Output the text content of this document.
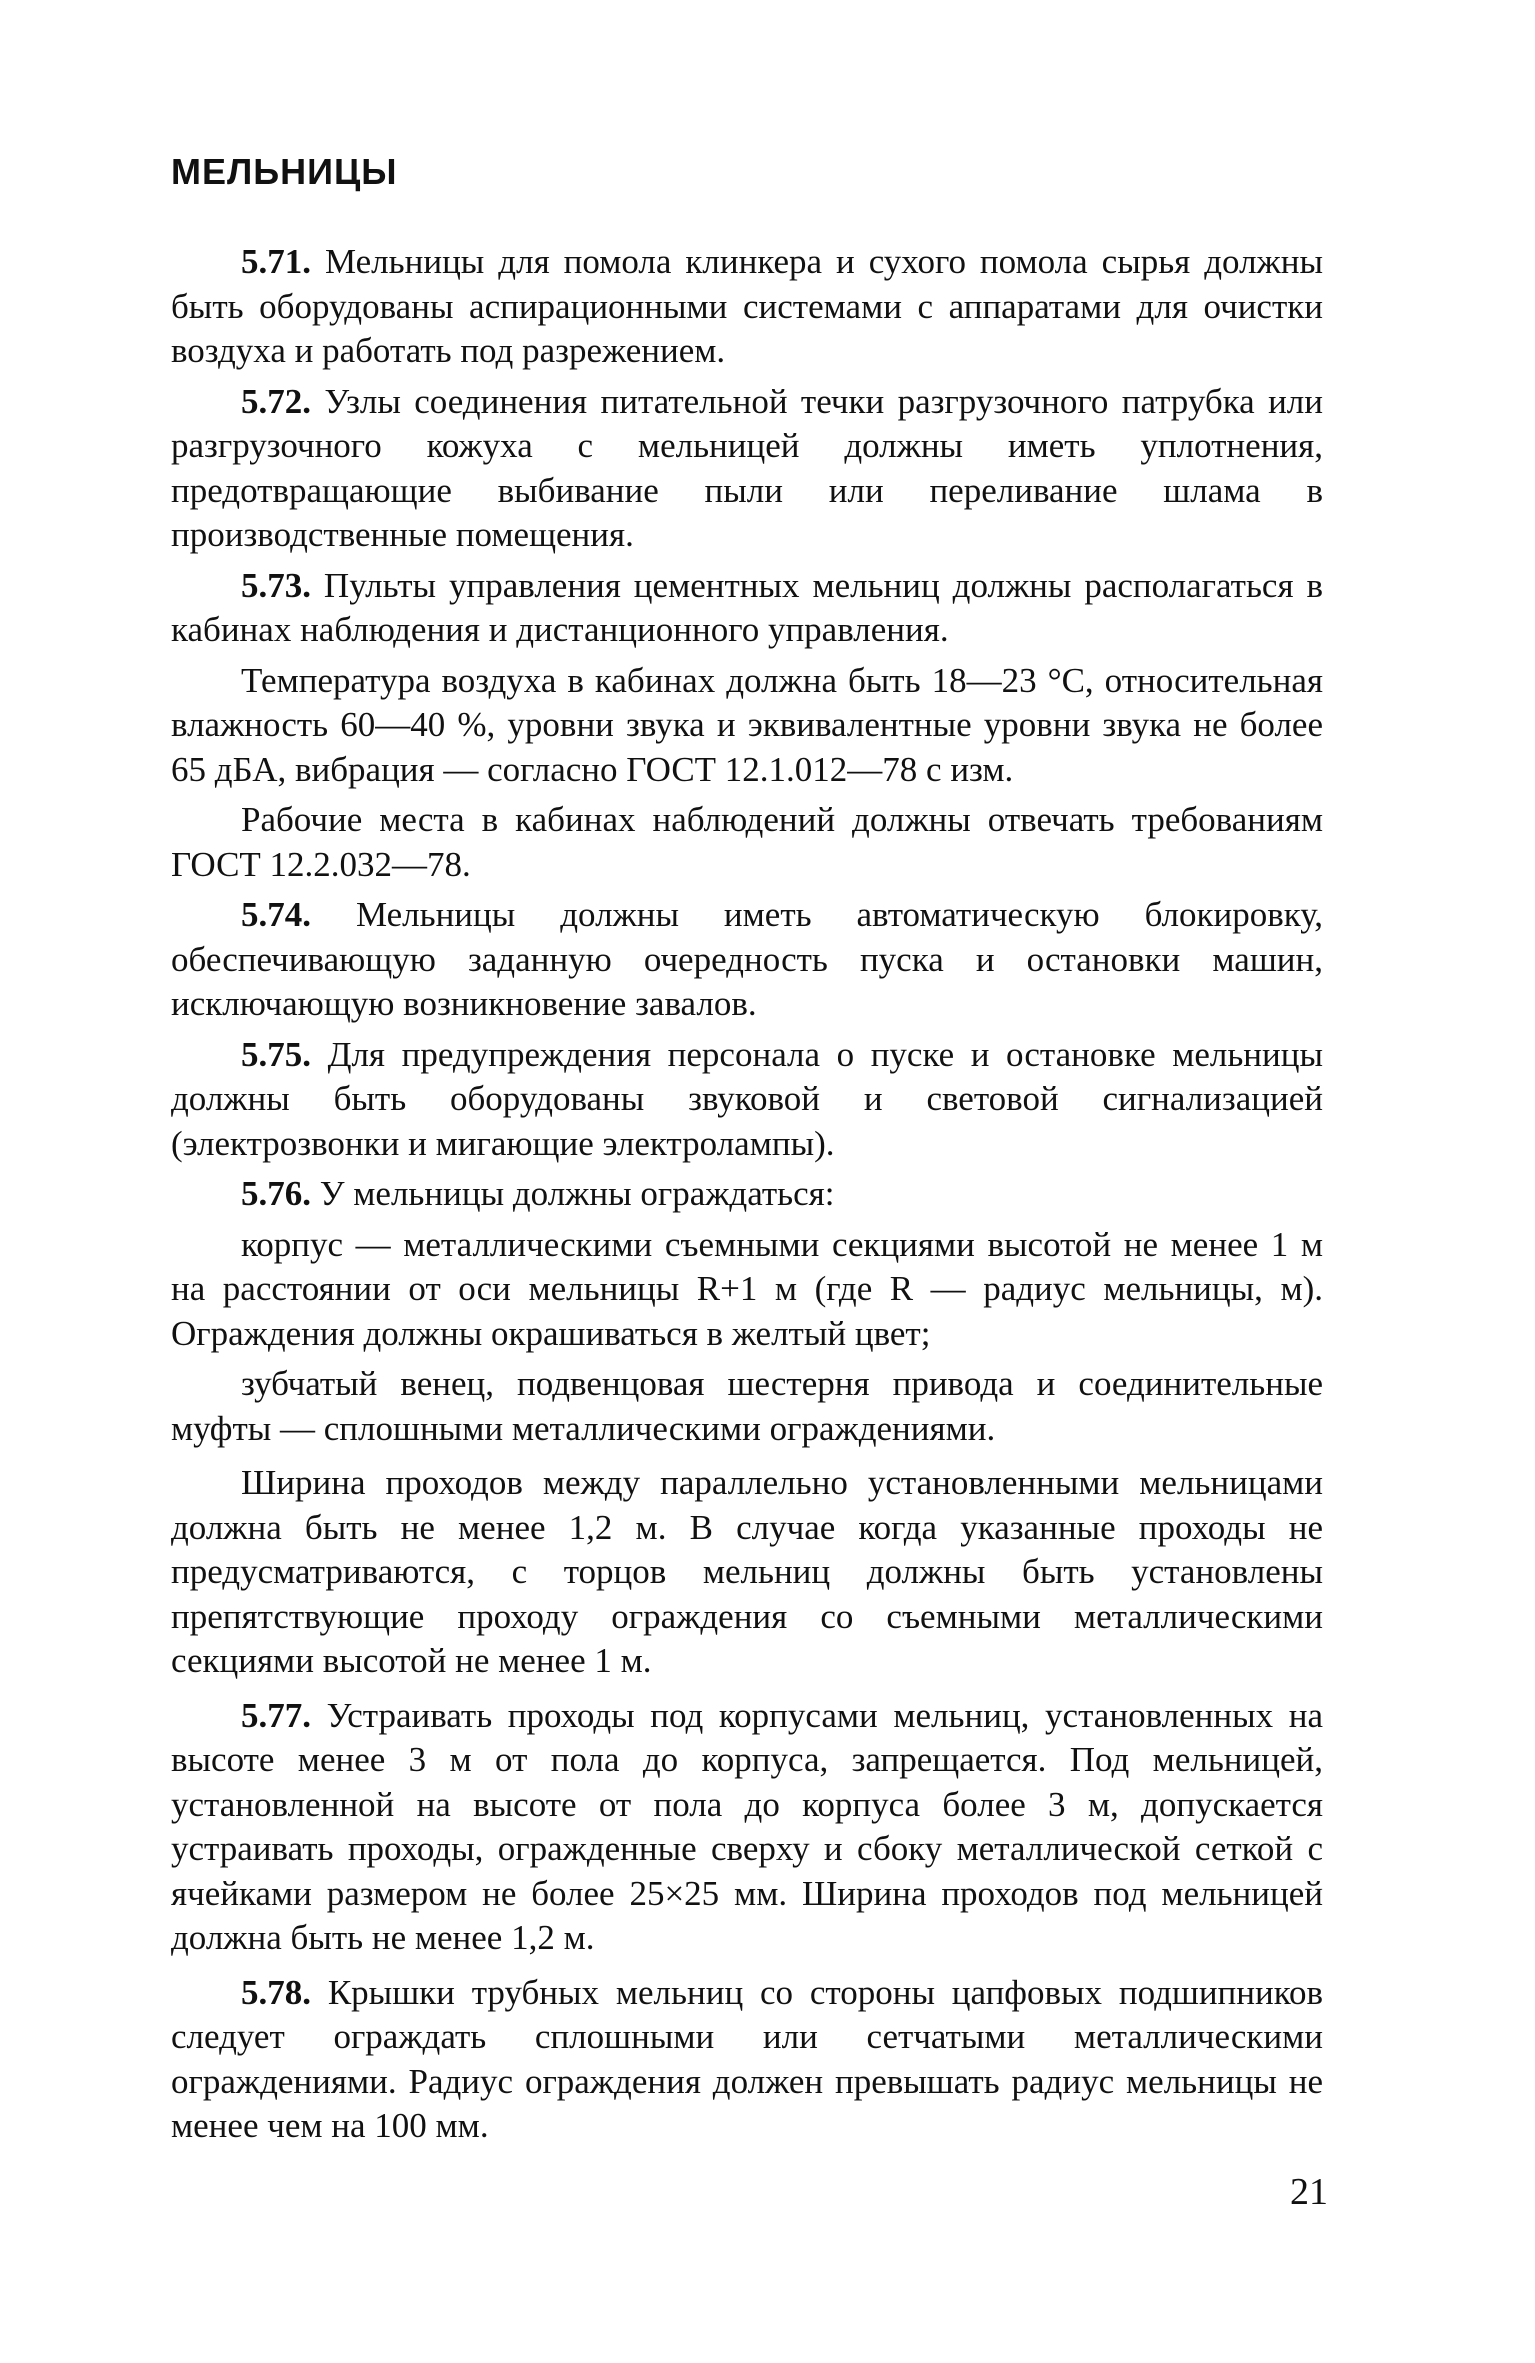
МЕЛЬНИЦЫ

5.71. Мельницы для помола клинкера и сухого помола сырья должны быть оборудованы аспирационными системами с аппаратами для очистки воздуха и работать под разрежением.

5.72. Узлы соединения питательной течки разгрузочного патрубка или разгрузочного кожуха с мельницей должны иметь уплотнения, предотвращающие выбивание пыли или переливание шлама в производственные помещения.

5.73. Пульты управления цементных мельниц должны располагаться в кабинах наблюдения и дистанционного управления.

Температура воздуха в кабинах должна быть 18—23 °С, относительная влажность 60—40 %, уровни звука и эквивалентные уровни звука не более 65 дБА, вибрация — согласно ГОСТ 12.1.012—78 с изм.

Рабочие места в кабинах наблюдений должны отвечать требованиям ГОСТ 12.2.032—78.

5.74. Мельницы должны иметь автоматическую блокировку, обеспечивающую заданную очередность пуска и остановки машин, исключающую возникновение завалов.

5.75. Для предупреждения персонала о пуске и остановке мельницы должны быть оборудованы звуковой и световой сигнализацией (электрозвонки и мигающие электролампы).

5.76. У мельницы должны ограждаться:

корпус — металлическими съемными секциями высотой не менее 1 м на расстоянии от оси мельницы R+1 м (где R — радиус мельницы, м). Ограждения должны окрашиваться в желтый цвет;

зубчатый венец, подвенцовая шестерня привода и соединительные муфты — сплошными металлическими ограждениями.

Ширина проходов между параллельно установленными мельницами должна быть не менее 1,2 м. В случае когда указанные проходы не предусматриваются, с торцов мельниц должны быть установлены препятствующие проходу ограждения со съемными металлическими секциями высотой не менее 1 м.

5.77. Устраивать проходы под корпусами мельниц, установленных на высоте менее 3 м от пола до корпуса, запрещается. Под мельницей, установленной на высоте от пола до корпуса более 3 м, допускается устраивать проходы, огражденные сверху и сбоку металлической сеткой с ячейками размером не более 25×25 мм. Ширина проходов под мельницей должна быть не менее 1,2 м.

5.78. Крышки трубных мельниц со стороны цапфовых подшипников следует ограждать сплошными или сетчатыми металлическими ограждениями. Радиус ограждения должен превышать радиус мельницы не менее чем на 100 мм.

21
